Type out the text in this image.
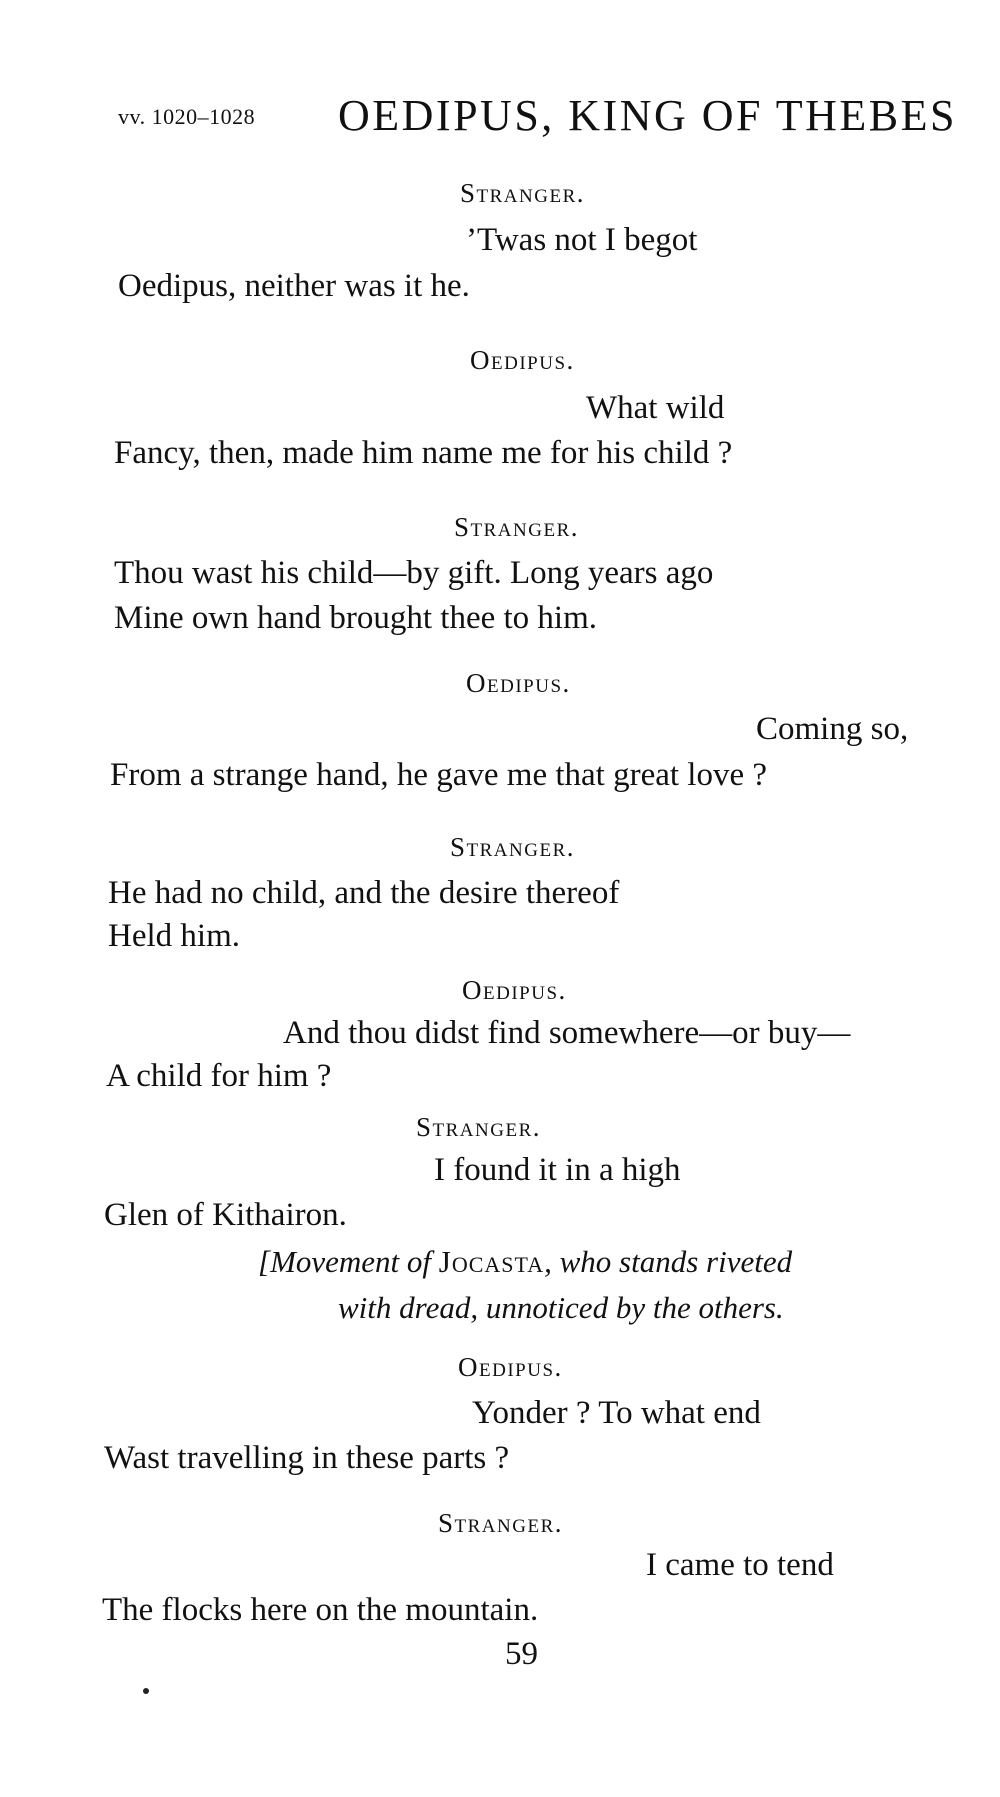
vv. 1020–1028 OEDIPUS, KING OF THEBES
Stranger.
’Twas not I begot
Oedipus, neither was it he.
Oedipus.
What wild
Fancy, then, made him name me for his child ?
Stranger.
Thou wast his child—by gift. Long years ago
Mine own hand brought thee to him.
Oedipus.
Coming so,
From a strange hand, he gave me that great love ?
Stranger.
He had no child, and the desire thereof
Held him.
Oedipus.
And thou didst find somewhere—or buy—
A child for him ?
Stranger.
I found it in a high
Glen of Kithairon.
[Movement of Jocasta, who stands riveted
with dread, unnoticed by the others.
Oedipus.
Yonder ? To what end
Wast travelling in these parts ?
Stranger.
I came to tend
The flocks here on the mountain.
59
